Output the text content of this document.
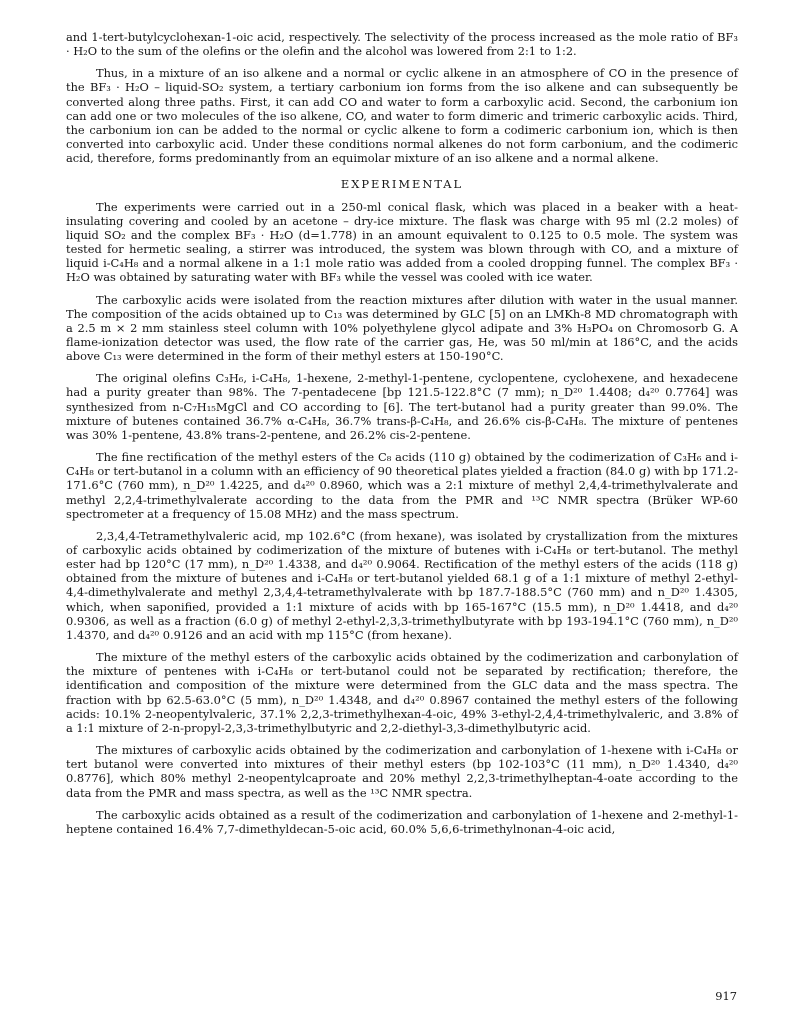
and 1-tert-butylcyclohexan-1-oic acid, respectively. The selectivity of the process increased as the mole ratio of BF₃ · H₂O to the sum of the olefins or the olefin and the alcohol was lowered from 2:1 to 1:2.

Thus, in a mixture of an iso alkene and a normal or cyclic alkene in an atmosphere of CO in the presence of the BF₃ · H₂O – liquid-SO₂ system, a tertiary carbonium ion forms from the iso alkene and can subsequently be converted along three paths. First, it can add CO and water to form a carboxylic acid. Second, the carbonium ion can add one or two molecules of the iso alkene, CO, and water to form dimeric and trimeric carboxylic acids. Third, the carbonium ion can be added to the normal or cyclic alkene to form a codimeric carbonium ion, which is then converted into carboxylic acid. Under these conditions normal alkenes do not form carbonium, and the codimeric acid, therefore, forms predominantly from an equimolar mixture of an iso alkene and a normal alkene.

EXPERIMENTAL

The experiments were carried out in a 250-ml conical flask, which was placed in a beaker with a heat-insulating covering and cooled by an acetone – dry-ice mixture. The flask was charge with 95 ml (2.2 moles) of liquid SO₂ and the complex BF₃ · H₂O (d=1.778) in an amount equivalent to 0.125 to 0.5 mole. The system was tested for hermetic sealing, a stirrer was introduced, the system was blown through with CO, and a mixture of liquid i-C₄H₈ and a normal alkene in a 1:1 mole ratio was added from a cooled dropping funnel. The complex BF₃ · H₂O was obtained by saturating water with BF₃ while the vessel was cooled with ice water.

The carboxylic acids were isolated from the reaction mixtures after dilution with water in the usual manner. The composition of the acids obtained up to C₁₃ was determined by GLC [5] on an LMKh-8 MD chromatograph with a 2.5 m × 2 mm stainless steel column with 10% polyethylene glycol adipate and 3% H₃PO₄ on Chromosorb G. A flame-ionization detector was used, the flow rate of the carrier gas, He, was 50 ml/min at 186°C, and the acids above C₁₃ were determined in the form of their methyl esters at 150-190°C.

The original olefins C₃H₆, i-C₄H₈, 1-hexene, 2-methyl-1-pentene, cyclopentene, cyclohexene, and hexadecene had a purity greater than 98%. The 7-pentadecene [bp 121.5-122.8°C (7 mm); n_D²⁰ 1.4408; d₄²⁰ 0.7764] was synthesized from n-C₇H₁₅MgCl and CO according to [6]. The tert-butanol had a purity greater than 99.0%. The mixture of butenes contained 36.7% α-C₄H₈, 36.7% trans-β-C₄H₈, and 26.6% cis-β-C₄H₈. The mixture of pentenes was 30% 1-pentene, 43.8% trans-2-pentene, and 26.2% cis-2-pentene.

The fine rectification of the methyl esters of the C₈ acids (110 g) obtained by the codimerization of C₃H₆ and i-C₄H₈ or tert-butanol in a column with an efficiency of 90 theoretical plates yielded a fraction (84.0 g) with bp 171.2-171.6°C (760 mm), n_D²⁰ 1.4225, and d₄²⁰ 0.8960, which was a 2:1 mixture of methyl 2,4,4-trimethylvalerate and methyl 2,2,4-trimethylvalerate according to the data from the PMR and ¹³C NMR spectra (Brüker WP-60 spectrometer at a frequency of 15.08 MHz) and the mass spectrum.

2,3,4,4-Tetramethylvaleric acid, mp 102.6°C (from hexane), was isolated by crystallization from the mixtures of carboxylic acids obtained by codimerization of the mixture of butenes with i-C₄H₈ or tert-butanol. The methyl ester had bp 120°C (17 mm), n_D²⁰ 1.4338, and d₄²⁰ 0.9064. Rectification of the methyl esters of the acids (118 g) obtained from the mixture of butenes and i-C₄H₈ or tert-butanol yielded 68.1 g of a 1:1 mixture of methyl 2-ethyl-4,4-dimethylvalerate and methyl 2,3,4,4-tetramethylvalerate with bp 187.7-188.5°C (760 mm) and n_D²⁰ 1.4305, which, when saponified, provided a 1:1 mixture of acids with bp 165-167°C (15.5 mm), n_D²⁰ 1.4418, and d₄²⁰ 0.9306, as well as a fraction (6.0 g) of methyl 2-ethyl-2,3,3-trimethylbutyrate with bp 193-194.1°C (760 mm), n_D²⁰ 1.4370, and d₄²⁰ 0.9126 and an acid with mp 115°C (from hexane).

The mixture of the methyl esters of the carboxylic acids obtained by the codimerization and carbonylation of the mixture of pentenes with i-C₄H₈ or tert-butanol could not be separated by rectification; therefore, the identification and composition of the mixture were determined from the GLC data and the mass spectra. The fraction with bp 62.5-63.0°C (5 mm), n_D²⁰ 1.4348, and d₄²⁰ 0.8967 contained the methyl esters of the following acids: 10.1% 2-neopentylvaleric, 37.1% 2,2,3-trimethylhexan-4-oic, 49% 3-ethyl-2,4,4-trimethylvaleric, and 3.8% of a 1:1 mixture of 2-n-propyl-2,3,3-trimethylbutyric and 2,2-diethyl-3,3-dimethylbutyric acid.

The mixtures of carboxylic acids obtained by the codimerization and carbonylation of 1-hexene with i-C₄H₈ or tert butanol were converted into mixtures of their methyl esters (bp 102-103°C (11 mm), n_D²⁰ 1.4340, d₄²⁰ 0.8776], which 80% methyl 2-neopentylcaproate and 20% methyl 2,2,3-trimethylheptan-4-oate according to the data from the PMR and mass spectra, as well as the ¹³C NMR spectra.

The carboxylic acids obtained as a result of the codimerization and carbonylation of 1-hexene and 2-methyl-1-heptene contained 16.4% 7,7-dimethyldecan-5-oic acid, 60.0% 5,6,6-trimethylnonan-4-oic acid,

917
